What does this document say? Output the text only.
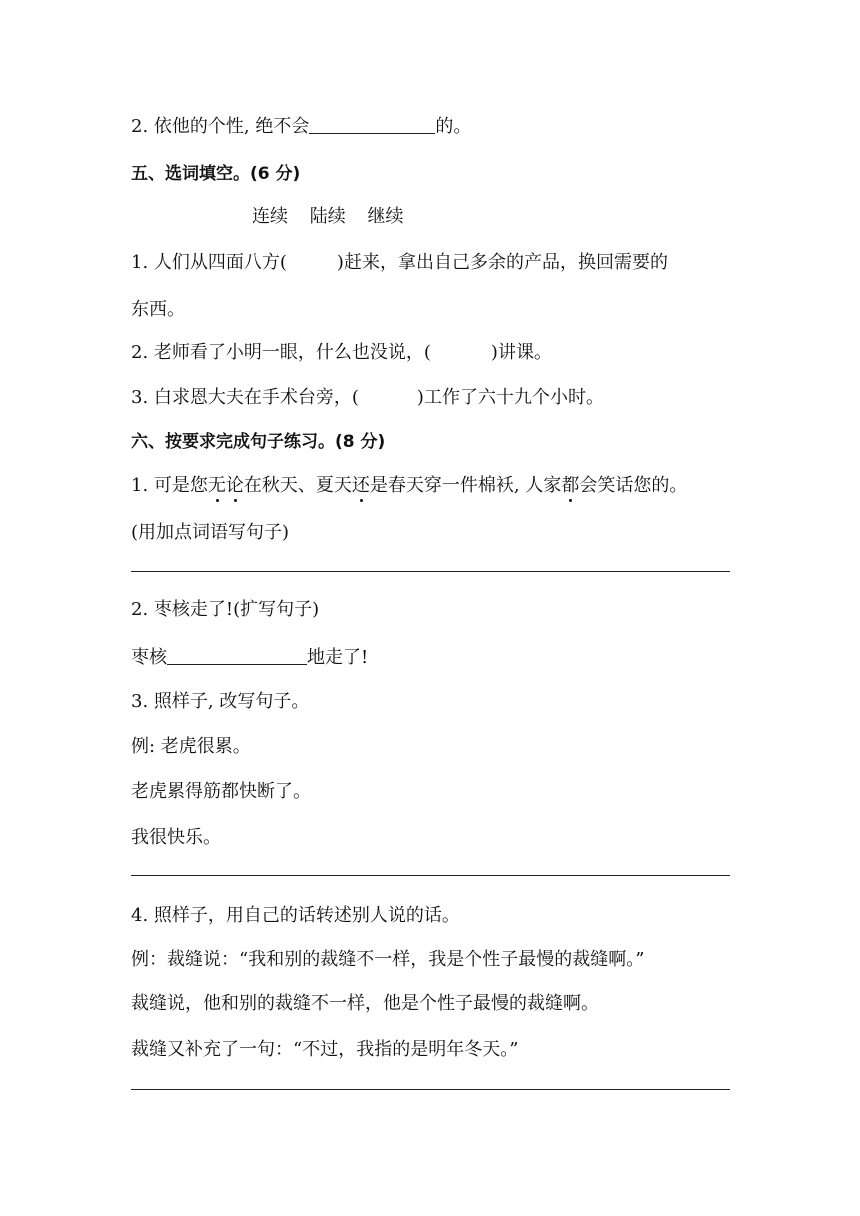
2. 依他的个性, 绝不会	的。
五、选词填空。(6 分)
连续 陆续 继续
1. 人们从四面八方(	)赶来，拿出自己多余的产品，换回需要的
东西。
2. 老师看了小明一眼，什么也没说，(	)讲课。
3. 白求恩大夫在手术台旁，(	)工作了六十九个小时。
六、按要求完成句子练习。(8 分)
1. 可是您无论在秋天、夏天还是春天穿一件棉袄, 人家都会笑话您的。
(用加点词语写句子)
2. 枣核走了!(扩写句子)
枣核	地走了!
3. 照样子, 改写句子。
例: 老虎很累。
老虎累得筋都快断了。
我很快乐。
4. 照样子，用自己的话转述别人说的话。
例：裁缝说：“我和别的裁缝不一样，我是个性子最慢的裁缝啊。”
裁缝说，他和别的裁缝不一样，他是个性子最慢的裁缝啊。
裁缝又补充了一句：“不过，我指的是明年冬天。”
